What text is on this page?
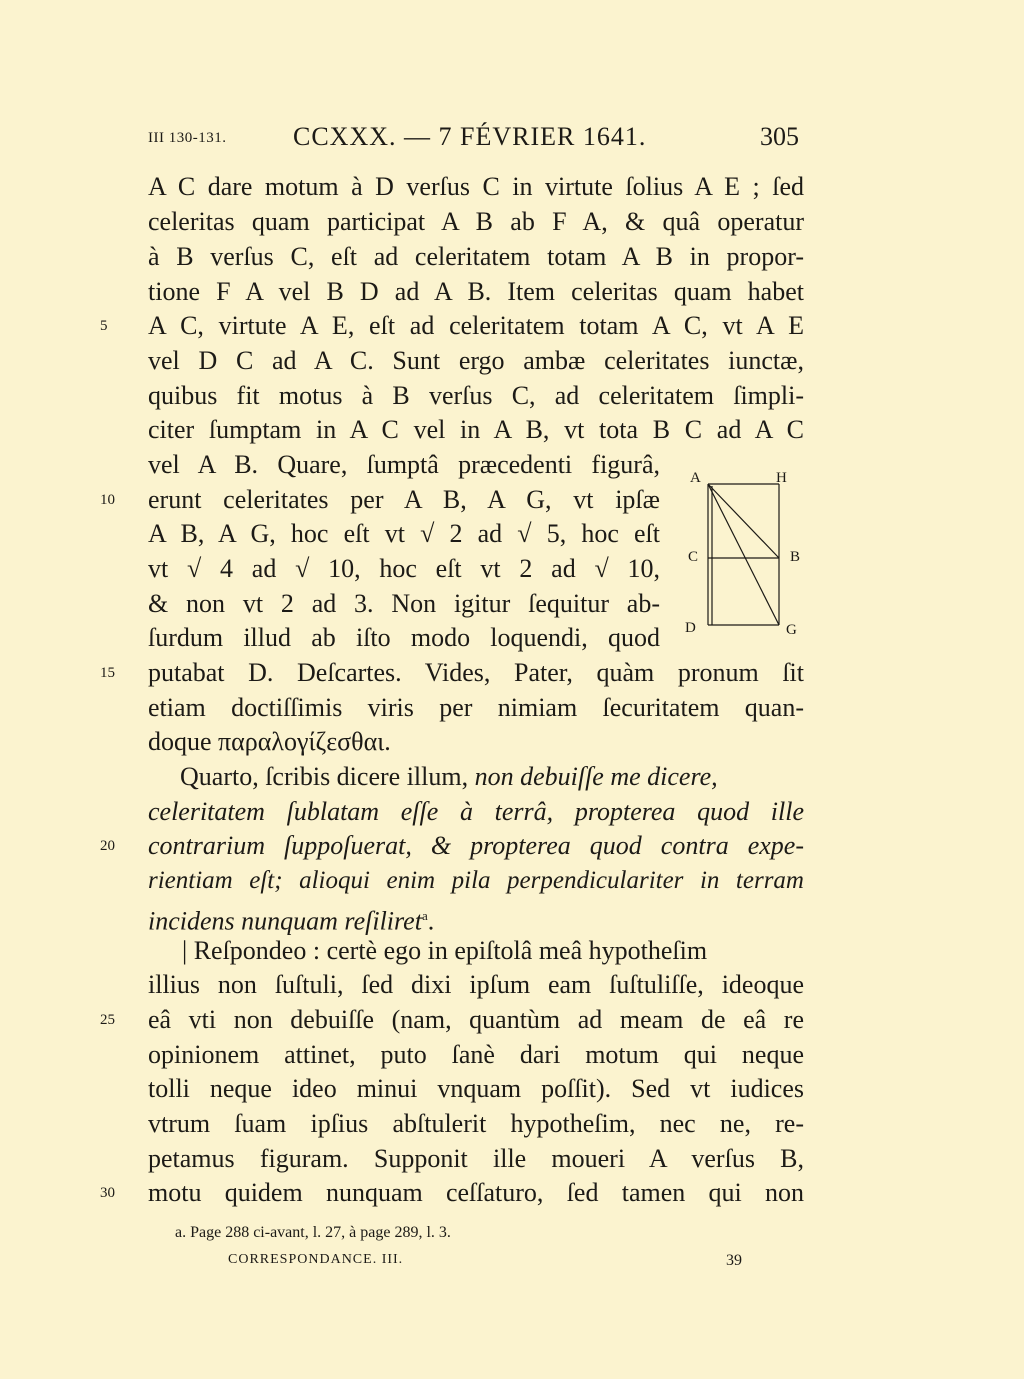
III 130-131.	CCXXX. — 7 FÉVRIER 1641.	305
A C dare motum à D verſus C in virtute ſolius A E ; ſed
celeritas quam participat A B ab F A, & quâ operatur
à B verſus C, eſt ad celeritatem totam A B in propor-
tione F A vel B D ad A B. Item celeritas quam habet
A C, virtute A E, eſt ad celeritatem totam A C, vt A E
vel D C ad A C. Sunt ergo ambæ celeritates iunctæ,
quibus fit motus à B verſus C, ad celeritatem ſimpli-
citer ſumptam in A C vel in A B, vt tota B C ad A C
vel A B. Quare, ſumptâ præcedenti figurâ,
erunt celeritates per A B, A G, vt ipſæ
A B, A G, hoc eſt vt √ 2 ad √ 5, hoc eſt
vt √ 4 ad √ 10, hoc eſt vt 2 ad √ 10,
& non vt 2 ad 3. Non igitur ſequitur ab-
ſurdum illud ab iſto modo loquendi, quod
putabat D. Deſcartes. Vides, Pater, quàm pronum ſit
etiam doctiſſimis viris per nimiam ſecuritatem quan-
doque παραλογίζεσθαι.
Quarto, ſcribis dicere illum, non debuiſſe me dicere,
celeritatem ſublatam eſſe à terrâ, propterea quod ille
contrarium ſuppoſuerat, & propterea quod contra expe-
rientiam eſt; alioqui enim pila perpendiculariter in terram
incidens nunquam reſiliret$^a$.
| Reſpondeo : certè ego in epiſtolâ meâ hypotheſim
illius non ſuſtuli, ſed dixi ipſum eam ſuſtuliſſe, ideoque
eâ vti non debuiſſe (nam, quantùm ad meam de eâ re
opinionem attinet, puto ſanè dari motum qui neque
tolli neque ideo minui vnquam poſſit). Sed vt iudices
vtrum ſuam ipſius abſtulerit hypotheſim, nec ne, re-
petamus figuram. Supponit ille moueri A verſus B,
motu quidem nunquam ceſſaturo, ſed tamen qui non
5
10
15
20
25
30
A	H
C	B
D	G
a. Page 288 ci-avant, l. 27, à page 289, l. 3.
CORRESPONDANCE. III.	39
